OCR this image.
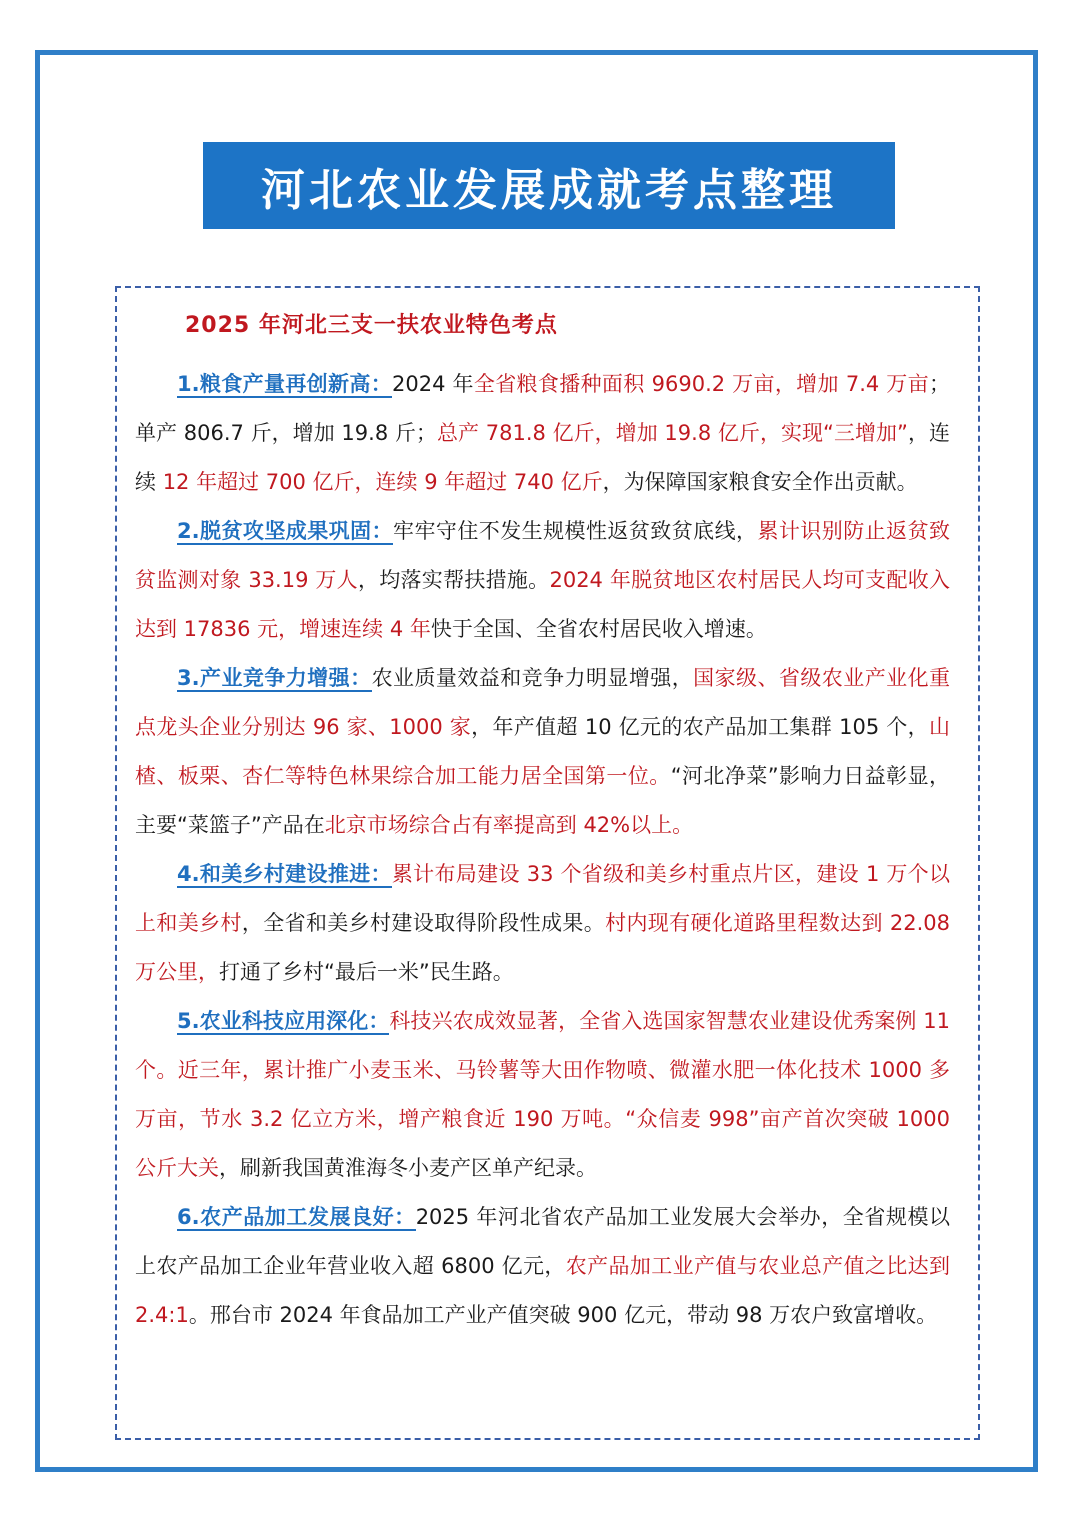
河北农业发展成就考点整理
2025 年河北三支一扶农业特色考点

1.粮食产量再创新高：2024 年全省粮食播种面积 9690.2 万亩，增加 7.4 万亩；单产 806.7 斤，增加 19.8 斤；总产 781.8 亿斤，增加 19.8 亿斤，实现“三增加”，连续 12 年超过 700 亿斤，连续 9 年超过 740 亿斤，为保障国家粮食安全作出贡献。

2.脱贫攻坚成果巩固：牢牢守住不发生规模性返贫致贫底线，累计识别防止返贫致贫监测对象 33.19 万人，均落实帮扶措施。2024 年脱贫地区农村居民人均可支配收入达到 17836 元，增速连续 4 年快于全国、全省农村居民收入增速。

3.产业竞争力增强：农业质量效益和竞争力明显增强，国家级、省级农业产业化重点龙头企业分别达 96 家、1000 家，年产值超 10 亿元的农产品加工集群 105 个，山楂、板栗、杏仁等特色林果综合加工能力居全国第一位。“河北净菜”影响力日益彰显，主要“菜篮子”产品在北京市场综合占有率提高到 42%以上。

4.和美乡村建设推进：累计布局建设 33 个省级和美乡村重点片区，建设 1 万个以上和美乡村，全省和美乡村建设取得阶段性成果。村内现有硬化道路里程数达到 22.08 万公里，打通了乡村“最后一米”民生路。

5.农业科技应用深化：科技兴农成效显著，全省入选国家智慧农业建设优秀案例 11 个。近三年，累计推广小麦玉米、马铃薯等大田作物喷、微灌水肥一体化技术 1000 多万亩，节水 3.2 亿立方米，增产粮食近 190 万吨。“众信麦 998”亩产首次突破 1000 公斤大关，刷新我国黄淮海冬小麦产区单产纪录。

6.农产品加工发展良好：2025 年河北省农产品加工业发展大会举办，全省规模以上农产品加工企业年营业收入超 6800 亿元，农产品加工业产值与农业总产值之比达到 2.4:1。邢台市 2024 年食品加工产业产值突破 900 亿元，带动 98 万农户致富增收。
